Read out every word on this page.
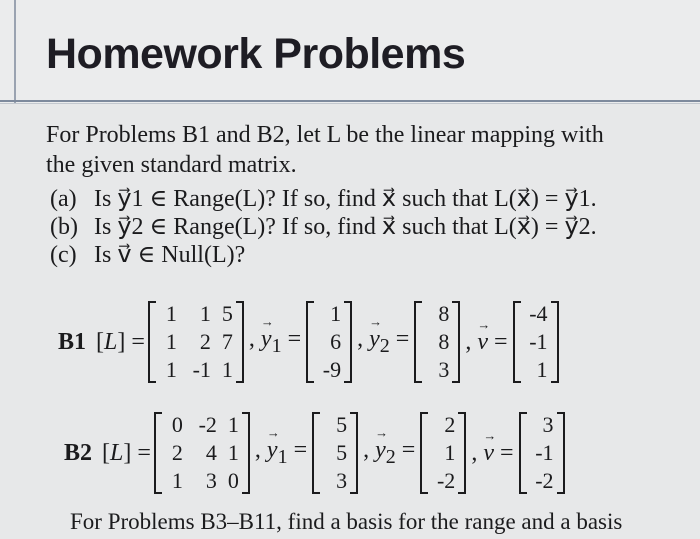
Homework Problems
For Problems B1 and B2, let L be the linear mapping with
the given standard matrix.
(a) Is y⃗1 ∈ Range(L)? If so, find x⃗ such that L(x⃗) = y⃗1.
(b) Is y⃗2 ∈ Range(L)? If so, find x⃗ such that L(x⃗) = y⃗2.
(c) Is v⃗ ∈ Null(L)?
B1 [L] =
1	1 5
1	2 7
1 -1 1
, $y \to_1$ =
1
6
-9
, $y \to_2$ =
8
8
3
, v → =
-4
-1
1
B2 [L] =
0 -2 1
2	4 1
1	3 0
, $y \to_1$ =
5
5
3
, $y \to_2$ =
2
1
-2
, v → =
3
-1
-2
For Problems B3–B11, find a basis for the range and a basis
